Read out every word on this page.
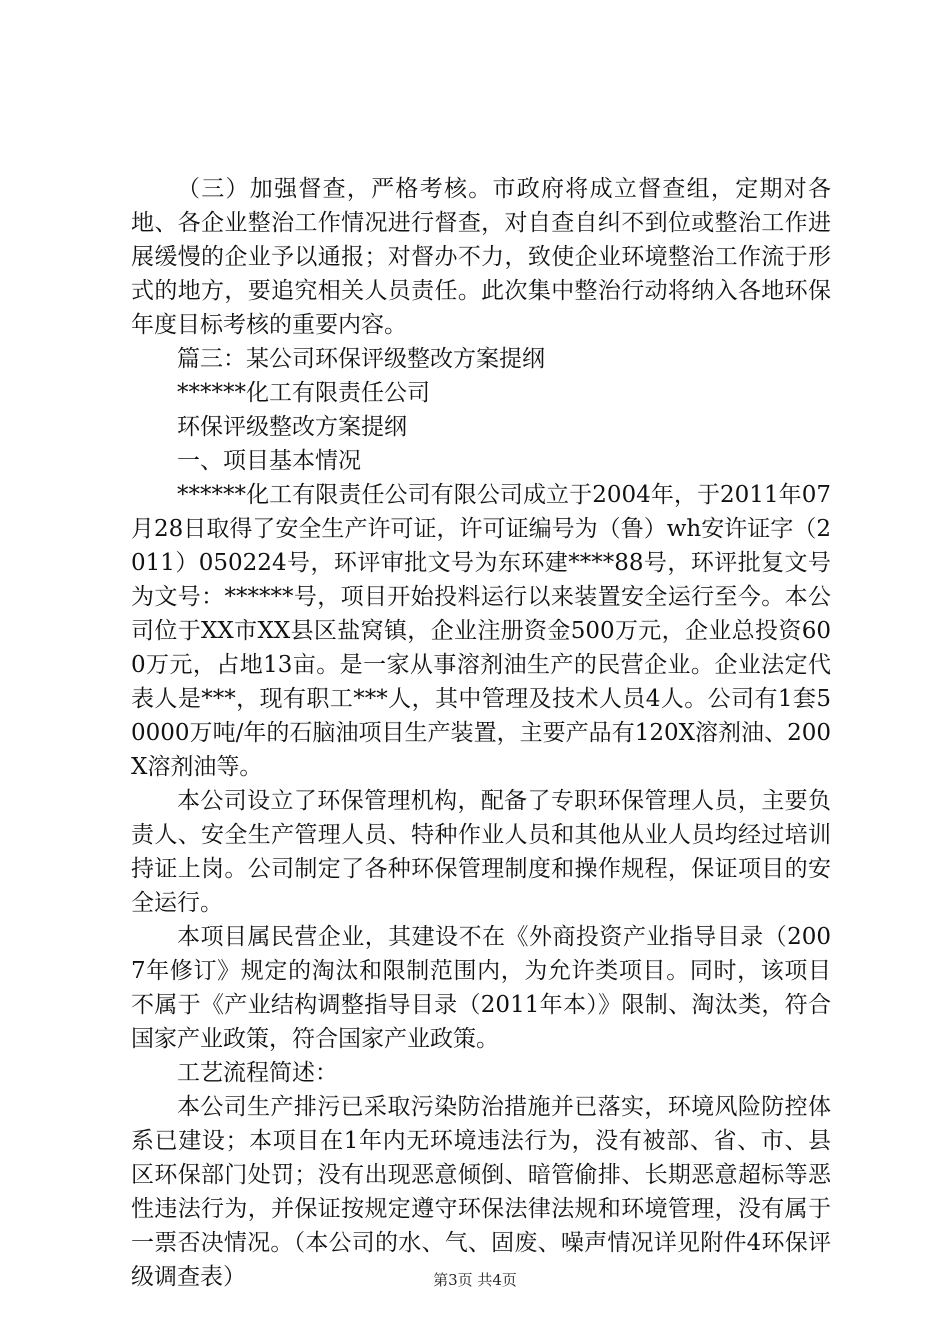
（三）加强督查，严格考核。市政府将成立督查组，定期对各地、各企业整治工作情况进行督查，对自查自纠不到位或整治工作进展缓慢的企业予以通报；对督办不力，致使企业环境整治工作流于形式的地方，要追究相关人员责任。此次集中整治行动将纳入各地环保年度目标考核的重要内容。

篇三：某公司环保评级整改方案提纲

******化工有限责任公司

环保评级整改方案提纲

一、项目基本情况

******化工有限责任公司有限公司成立于2004年，于2011年07月28日取得了安全生产许可证，许可证编号为（鲁）wh安许证字（2011）050224号，环评审批文号为东环建****88号，环评批复文号为文号：******号，项目开始投料运行以来装置安全运行至今。本公司位于XX市XX县区盐窝镇，企业注册资金500万元，企业总投资600万元，占地13亩。是一家从事溶剂油生产的民营企业。企业法定代表人是***，现有职工***人，其中管理及技术人员4人。公司有1套50000万吨/年的石脑油项目生产装置，主要产品有120X溶剂油、200X溶剂油等。

本公司设立了环保管理机构，配备了专职环保管理人员，主要负责人、安全生产管理人员、特种作业人员和其他从业人员均经过培训持证上岗。公司制定了各种环保管理制度和操作规程，保证项目的安全运行。

本项目属民营企业，其建设不在《外商投资产业指导目录（2007年修订》规定的淘汰和限制范围内，为允许类项目。同时，该项目不属于《产业结构调整指导目录（2011年本）》限制、淘汰类，符合国家产业政策，符合国家产业政策。

工艺流程简述：

本公司生产排污已采取污染防治措施并已落实，环境风险防控体系已建设；本项目在1年内无环境违法行为，没有被部、省、市、县区环保部门处罚；没有出现恶意倾倒、暗管偷排、长期恶意超标等恶性违法行为，并保证按规定遵守环保法律法规和环境管理，没有属于一票否决情况。（本公司的水、气、固废、噪声情况详见附件4环保评级调查表）	第3页 共4页
